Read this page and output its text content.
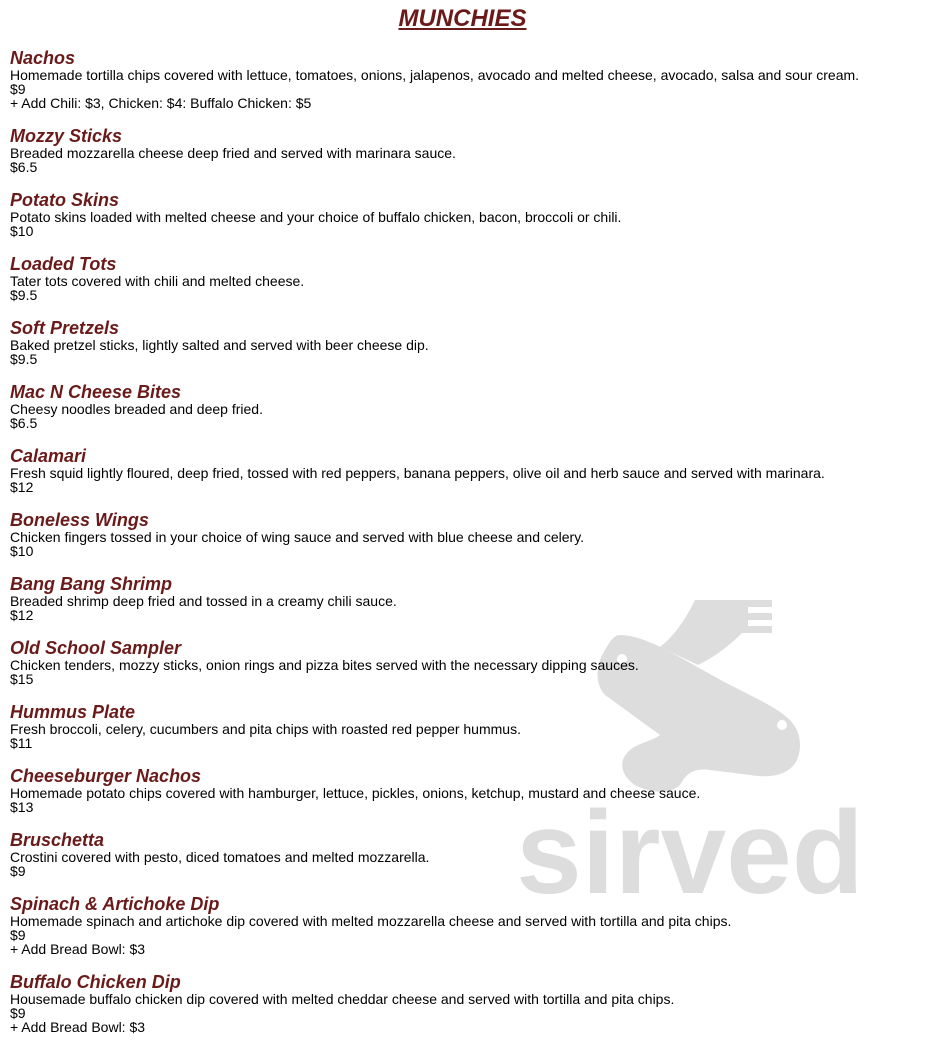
MUNCHIES
sirved
Nachos
Homemade tortilla chips covered with lettuce, tomatoes, onions, jalapenos, avocado and melted cheese, avocado, salsa and sour cream.
$9
+ Add Chili: $3, Chicken: $4: Buffalo Chicken: $5
Mozzy Sticks
Breaded mozzarella cheese deep fried and served with marinara sauce.
$6.5
Potato Skins
Potato skins loaded with melted cheese and your choice of buffalo chicken, bacon, broccoli or chili.
$10
Loaded Tots
Tater tots covered with chili and melted cheese.
$9.5
Soft Pretzels
Baked pretzel sticks, lightly salted and served with beer cheese dip.
$9.5
Mac N Cheese Bites
Cheesy noodles breaded and deep fried.
$6.5
Calamari
Fresh squid lightly floured, deep fried, tossed with red peppers, banana peppers, olive oil and herb sauce and served with marinara.
$12
Boneless Wings
Chicken fingers tossed in your choice of wing sauce and served with blue cheese and celery.
$10
Bang Bang Shrimp
Breaded shrimp deep fried and tossed in a creamy chili sauce.
$12
Old School Sampler
Chicken tenders, mozzy sticks, onion rings and pizza bites served with the necessary dipping sauces.
$15
Hummus Plate
Fresh broccoli, celery, cucumbers and pita chips with roasted red pepper hummus.
$11
Cheeseburger Nachos
Homemade potato chips covered with hamburger, lettuce, pickles, onions, ketchup, mustard and cheese sauce.
$13
Bruschetta
Crostini covered with pesto, diced tomatoes and melted mozzarella.
$9
Spinach & Artichoke Dip
Homemade spinach and artichoke dip covered with melted mozzarella cheese and served with tortilla and pita chips.
$9
+ Add Bread Bowl: $3
Buffalo Chicken Dip
Housemade buffalo chicken dip covered with melted cheddar cheese and served with tortilla and pita chips.
$9
+ Add Bread Bowl: $3
